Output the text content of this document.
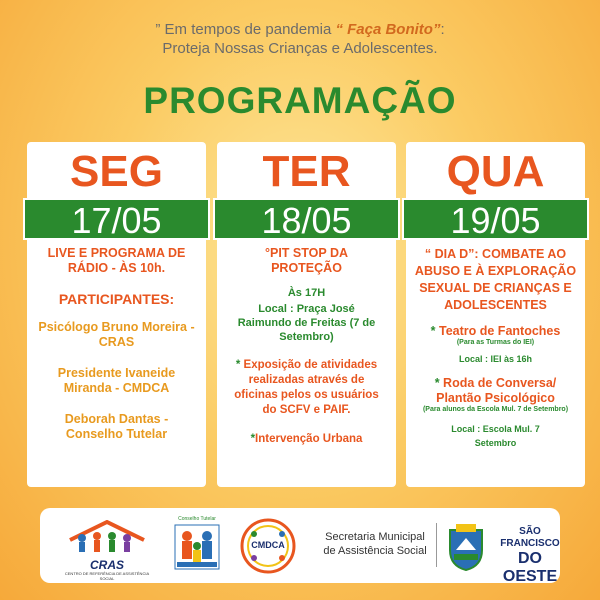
” Em tempos de pandemia “ Faça Bonito”:
Proteja Nossas Crianças e Adolescentes.
PROGRAMAÇÃO
SEG
17/05
LIVE E PROGRAMA DE RÁDIO - ÀS 10h.
PARTICIPANTES:
Psicólogo Bruno Moreira - CRAS
Presidente Ivaneide Miranda - CMDCA
Deborah Dantas - Conselho Tutelar
TER
18/05
°PIT STOP DA PROTEÇÃO
Às 17H
Local : Praça José Raimundo de Freitas (7 de Setembro)
* Exposição de atividades realizadas através de oficinas pelos os usuários do SCFV e PAIF.
*Intervenção Urbana
QUA
19/05
“ DIA D”: COMBATE AO ABUSO E À EXPLORAÇÃO SEXUAL DE CRIANÇAS E ADOLESCENTES
* Teatro de Fantoches
(Para as Turmas do IEI)
Local : IEI às 16h
* Roda de Conversa/ Plantão Psicológico
(Para alunos da Escola Mul. 7 de Setembro)
Local : Escola Mul. 7 Setembro
CRAS
CENTRO DE REFERÊNCIA DE ASSISTÊNCIA SOCIAL
Conselho Tutelar
CMDCA
Secretaria Municipal de Assistência Social
SÃO FRANCISCO
DO OESTE
